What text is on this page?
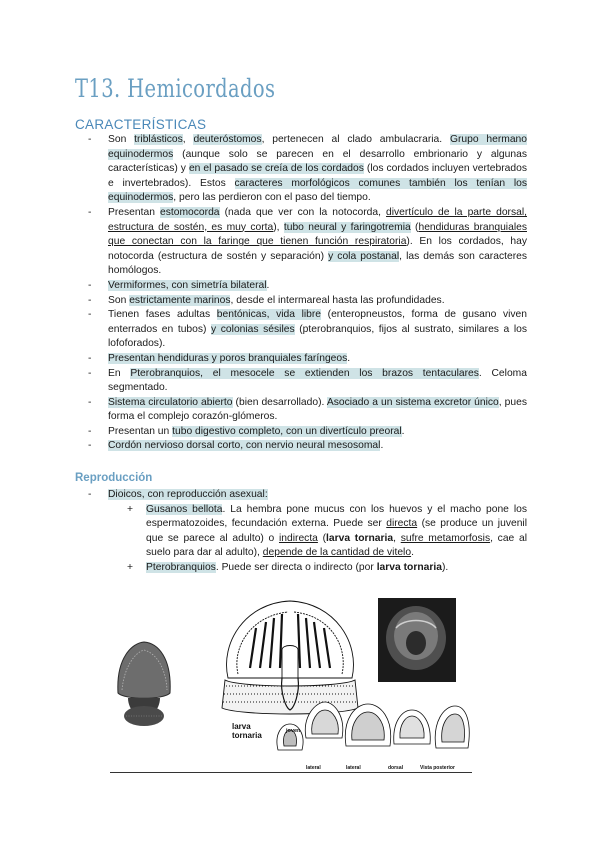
T13. Hemicordados
CARACTERÍSTICAS
- Son triblásticos, deuteróstomos, pertenecen al clado ambulacraria. Grupo hermano equinodermos (aunque solo se parecen en el desarrollo embrionario y algunas características) y en el pasado se creía de los cordados (los cordados incluyen vertebrados e invertebrados). Estos caracteres morfológicos comunes también los tenían los equinodermos, pero las perdieron con el paso del tiempo.
- Presentan estomocorda (nada que ver con la notocorda, divertículo de la parte dorsal, estructura de sostén, es muy corta), tubo neural y faringotremia (hendiduras branquiales que conectan con la faringe que tienen función respiratoria). En los cordados, hay notocorda (estructura de sostén y separación) y cola postanal, las demás son caracteres homólogos.
- Vermiformes, con simetría bilateral.
- Son estrictamente marinos, desde el intermareal hasta las profundidades.
- Tienen fases adultas bentónicas, vida libre (enteropneustos, forma de gusano viven enterrados en tubos) y colonias sésiles (pterobranquios, fijos al sustrato, similares a los lofoforados).
- Presentan hendiduras y poros branquiales faríngeos.
- En Pterobranquios, el mesocele se extienden los brazos tentaculares. Celoma segmentado.
- Sistema circulatorio abierto (bien desarrollado). Asociado a un sistema excretor único, pues forma el complejo corazón-glómeros.
- Presentan un tubo digestivo completo, con un divertículo preoral.
- Cordón nervioso dorsal corto, con nervio neural mesosomal.
Reproducción
- Dioicos, con reproducción asexual:
+ Gusanos bellota. La hembra pone mucus con los huevos y el macho pone los espermatozoides, fecundación externa. Puede ser directa (se produce un juvenil que se parece al adulto) o indirecta (larva tornaria, sufre metamorfosis, cae al suelo para dar al adulto), depende de la cantidad de vitelo.
+ Pterobranquios. Puede ser directa o indirecto (por larva tornaria).
larva
tornaria	joven
lateral	lateral	dorsal	Vista posterior
